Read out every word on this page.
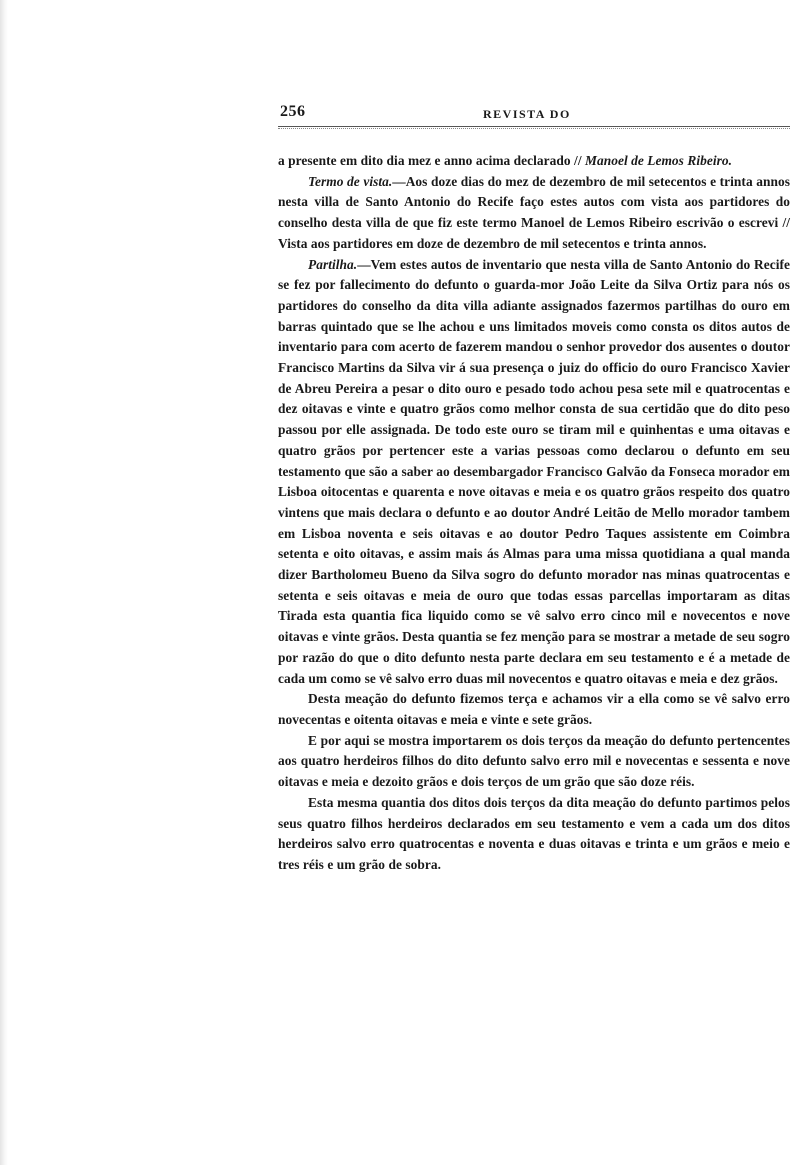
256	REVISTA DO

a presente em dito dia mez e anno acima declarado // Manoel de Lemos Ribeiro.

Termo de vista.—Aos doze dias do mez de dezembro de mil setecentos e trinta annos nesta villa de Santo Antonio do Recife faço estes autos com vista aos partidores do conselho desta villa de que fiz este termo Manoel de Lemos Ribeiro escrivão o escrevi // Vista aos partidores em doze de dezembro de mil setecentos e trinta annos.

Partilha.—Vem estes autos de inventario que nesta villa de Santo Antonio do Recife se fez por fallecimento do defunto o guarda-mor João Leite da Silva Ortiz para nós os partidores do conselho da dita villa adiante assignados fazermos partilhas do ouro em barras quintado que se lhe achou e uns limitados moveis como consta os ditos autos de inventario para com acerto de fazerem mandou o senhor provedor dos ausentes o doutor Francisco Martins da Silva vir á sua presença o juiz do officio do ouro Francisco Xavier de Abreu Pereira a pesar o dito ouro e pesado todo achou pesa sete mil e quatrocentas e dez oitavas e vinte e quatro grãos como melhor consta de sua certidão que do dito peso passou por elle assignada. De todo este ouro se tiram mil e quinhentas e uma oitavas e quatro grãos por pertencer este a varias pessoas como declarou o defunto em seu testamento que são a saber ao desembargador Francisco Galvão da Fonseca morador em Lisboa oitocentas e quarenta e nove oitavas e meia e os quatro grãos respeito dos quatro vintens que mais declara o defunto e ao doutor André Leitão de Mello morador tambem em Lisboa noventa e seis oitavas e ao doutor Pedro Taques assistente em Coimbra setenta e oito oitavas, e assim mais ás Almas para uma missa quotidiana a qual manda dizer Bartholomeu Bueno da Silva sogro do defunto morador nas minas quatrocentas e setenta e seis oitavas e meia de ouro que todas essas parcellas importaram as ditas Tirada esta quantia fica liquido como se vê salvo erro cinco mil e novecentos e nove oitavas e vinte grãos. Desta quantia se fez menção para se mostrar a metade de seu sogro por razão do que o dito defunto nesta parte declara em seu testamento e é a metade de cada um como se vê salvo erro duas mil novecentos e quatro oitavas e meia e dez grãos.

Desta meação do defunto fizemos terça e achamos vir a ella como se vê salvo erro novecentas e oitenta oitavas e meia e vinte e sete grãos.

E por aqui se mostra importarem os dois terços da meação do defunto pertencentes aos quatro herdeiros filhos do dito defunto salvo erro mil e novecentas e sessenta e nove oitavas e meia e dezoito grãos e dois terços de um grão que são doze réis.

Esta mesma quantia dos ditos dois terços da dita meação do defunto partimos pelos seus quatro filhos herdeiros declarados em seu testamento e vem a cada um dos ditos herdeiros salvo erro quatrocentas e noventa e duas oitavas e trinta e um grãos e meio e tres réis e um grão de sobra.
